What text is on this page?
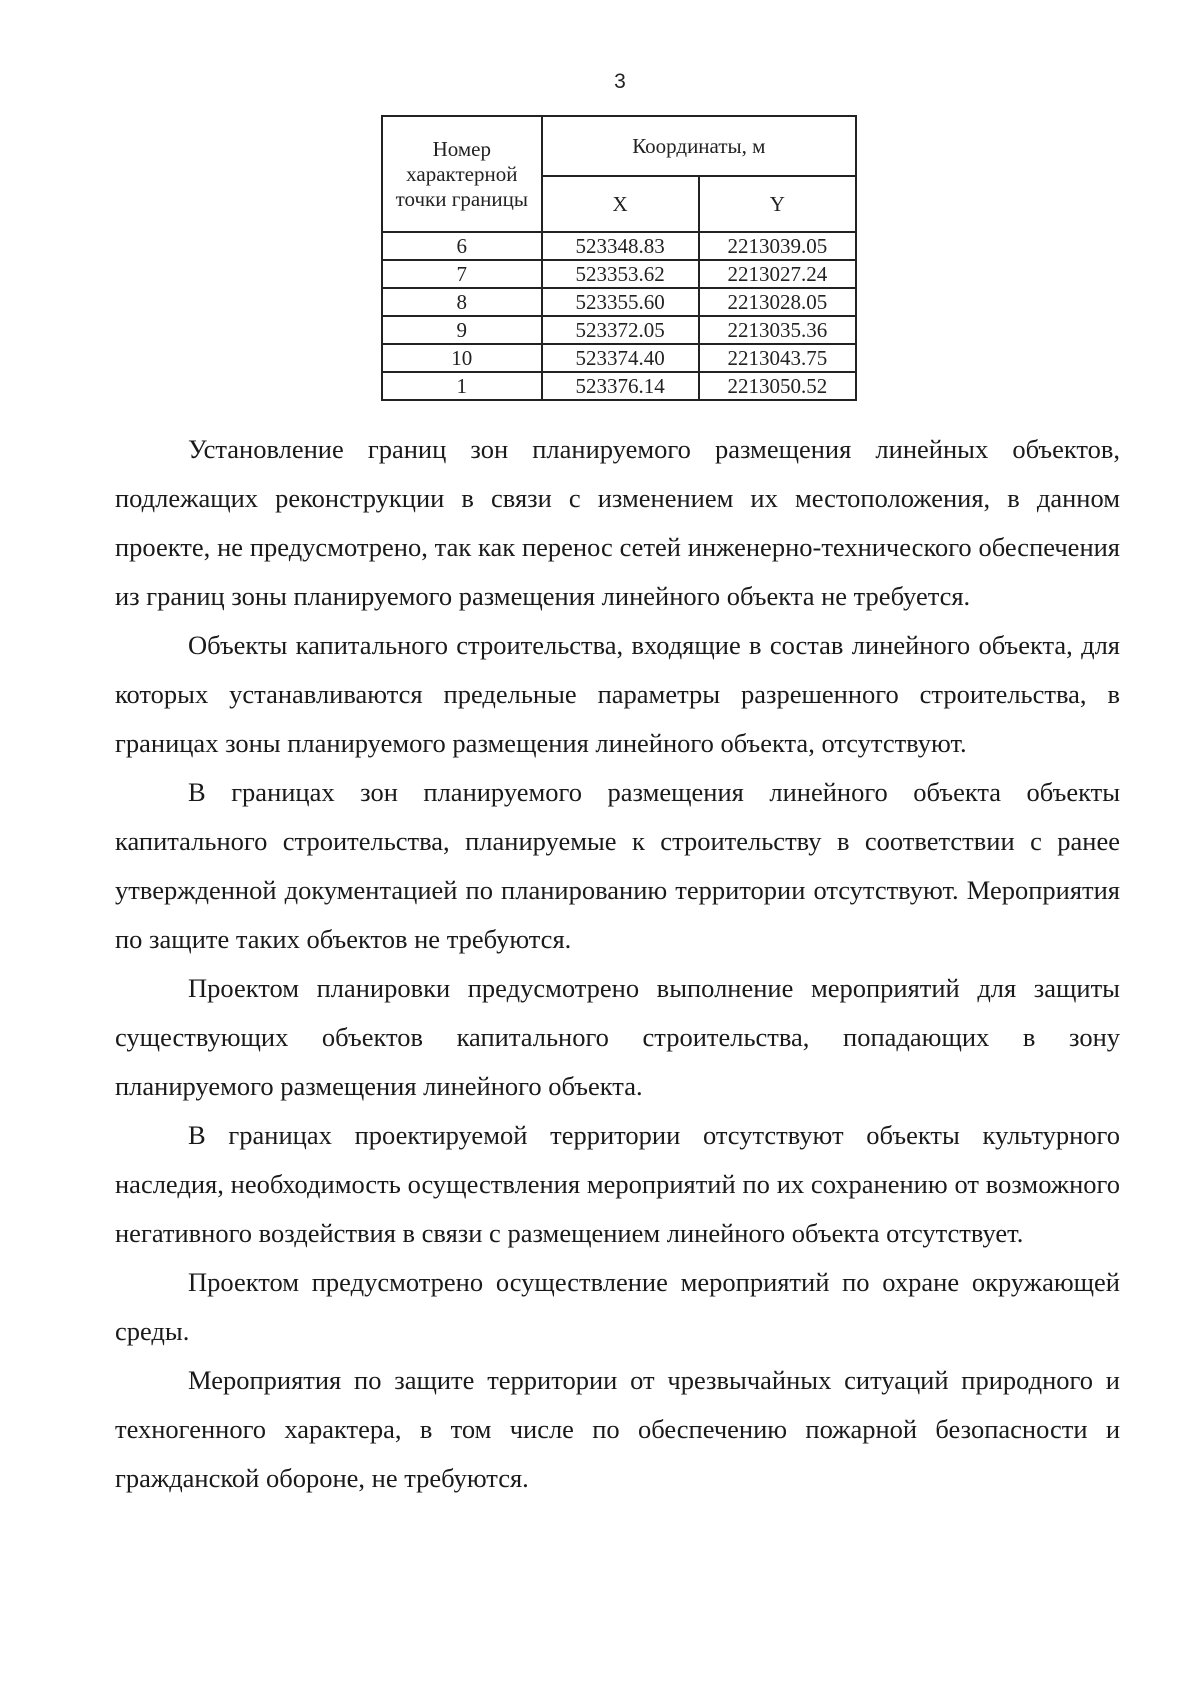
3
Номер характерной точки границы	Координаты, м	
	X	Y
6	523348.83	2213039.05
7	523353.62	2213027.24
8	523355.60	2213028.05
9	523372.05	2213035.36
10	523374.40	2213043.75
1	523376.14	2213050.52

Установление границ зон планируемого размещения линейных объектов, подлежащих реконструкции в связи с изменением их местоположения, в данном проекте, не предусмотрено, так как перенос сетей инженерно-технического обеспечения из границ зоны планируемого размещения линейного объекта не требуется.

Объекты капитального строительства, входящие в состав линейного объекта, для которых устанавливаются предельные параметры разрешенного строительства, в границах зоны планируемого размещения линейного объекта, отсутствуют.

В границах зон планируемого размещения линейного объекта объекты капитального строительства, планируемые к строительству в соответствии с ранее утвержденной документацией по планированию территории отсутствуют. Мероприятия по защите таких объектов не требуются.

Проектом планировки предусмотрено выполнение мероприятий для защиты существующих объектов капитального строительства, попадающих в зону планируемого размещения линейного объекта.

В границах проектируемой территории отсутствуют объекты культурного наследия, необходимость осуществления мероприятий по их сохранению от возможного негативного воздействия в связи с размещением линейного объекта отсутствует.

Проектом предусмотрено осуществление мероприятий по охране окружающей среды.

Мероприятия по защите территории от чрезвычайных ситуаций природного и техногенного характера, в том числе по обеспечению пожарной безопасности и гражданской обороне, не требуются.
